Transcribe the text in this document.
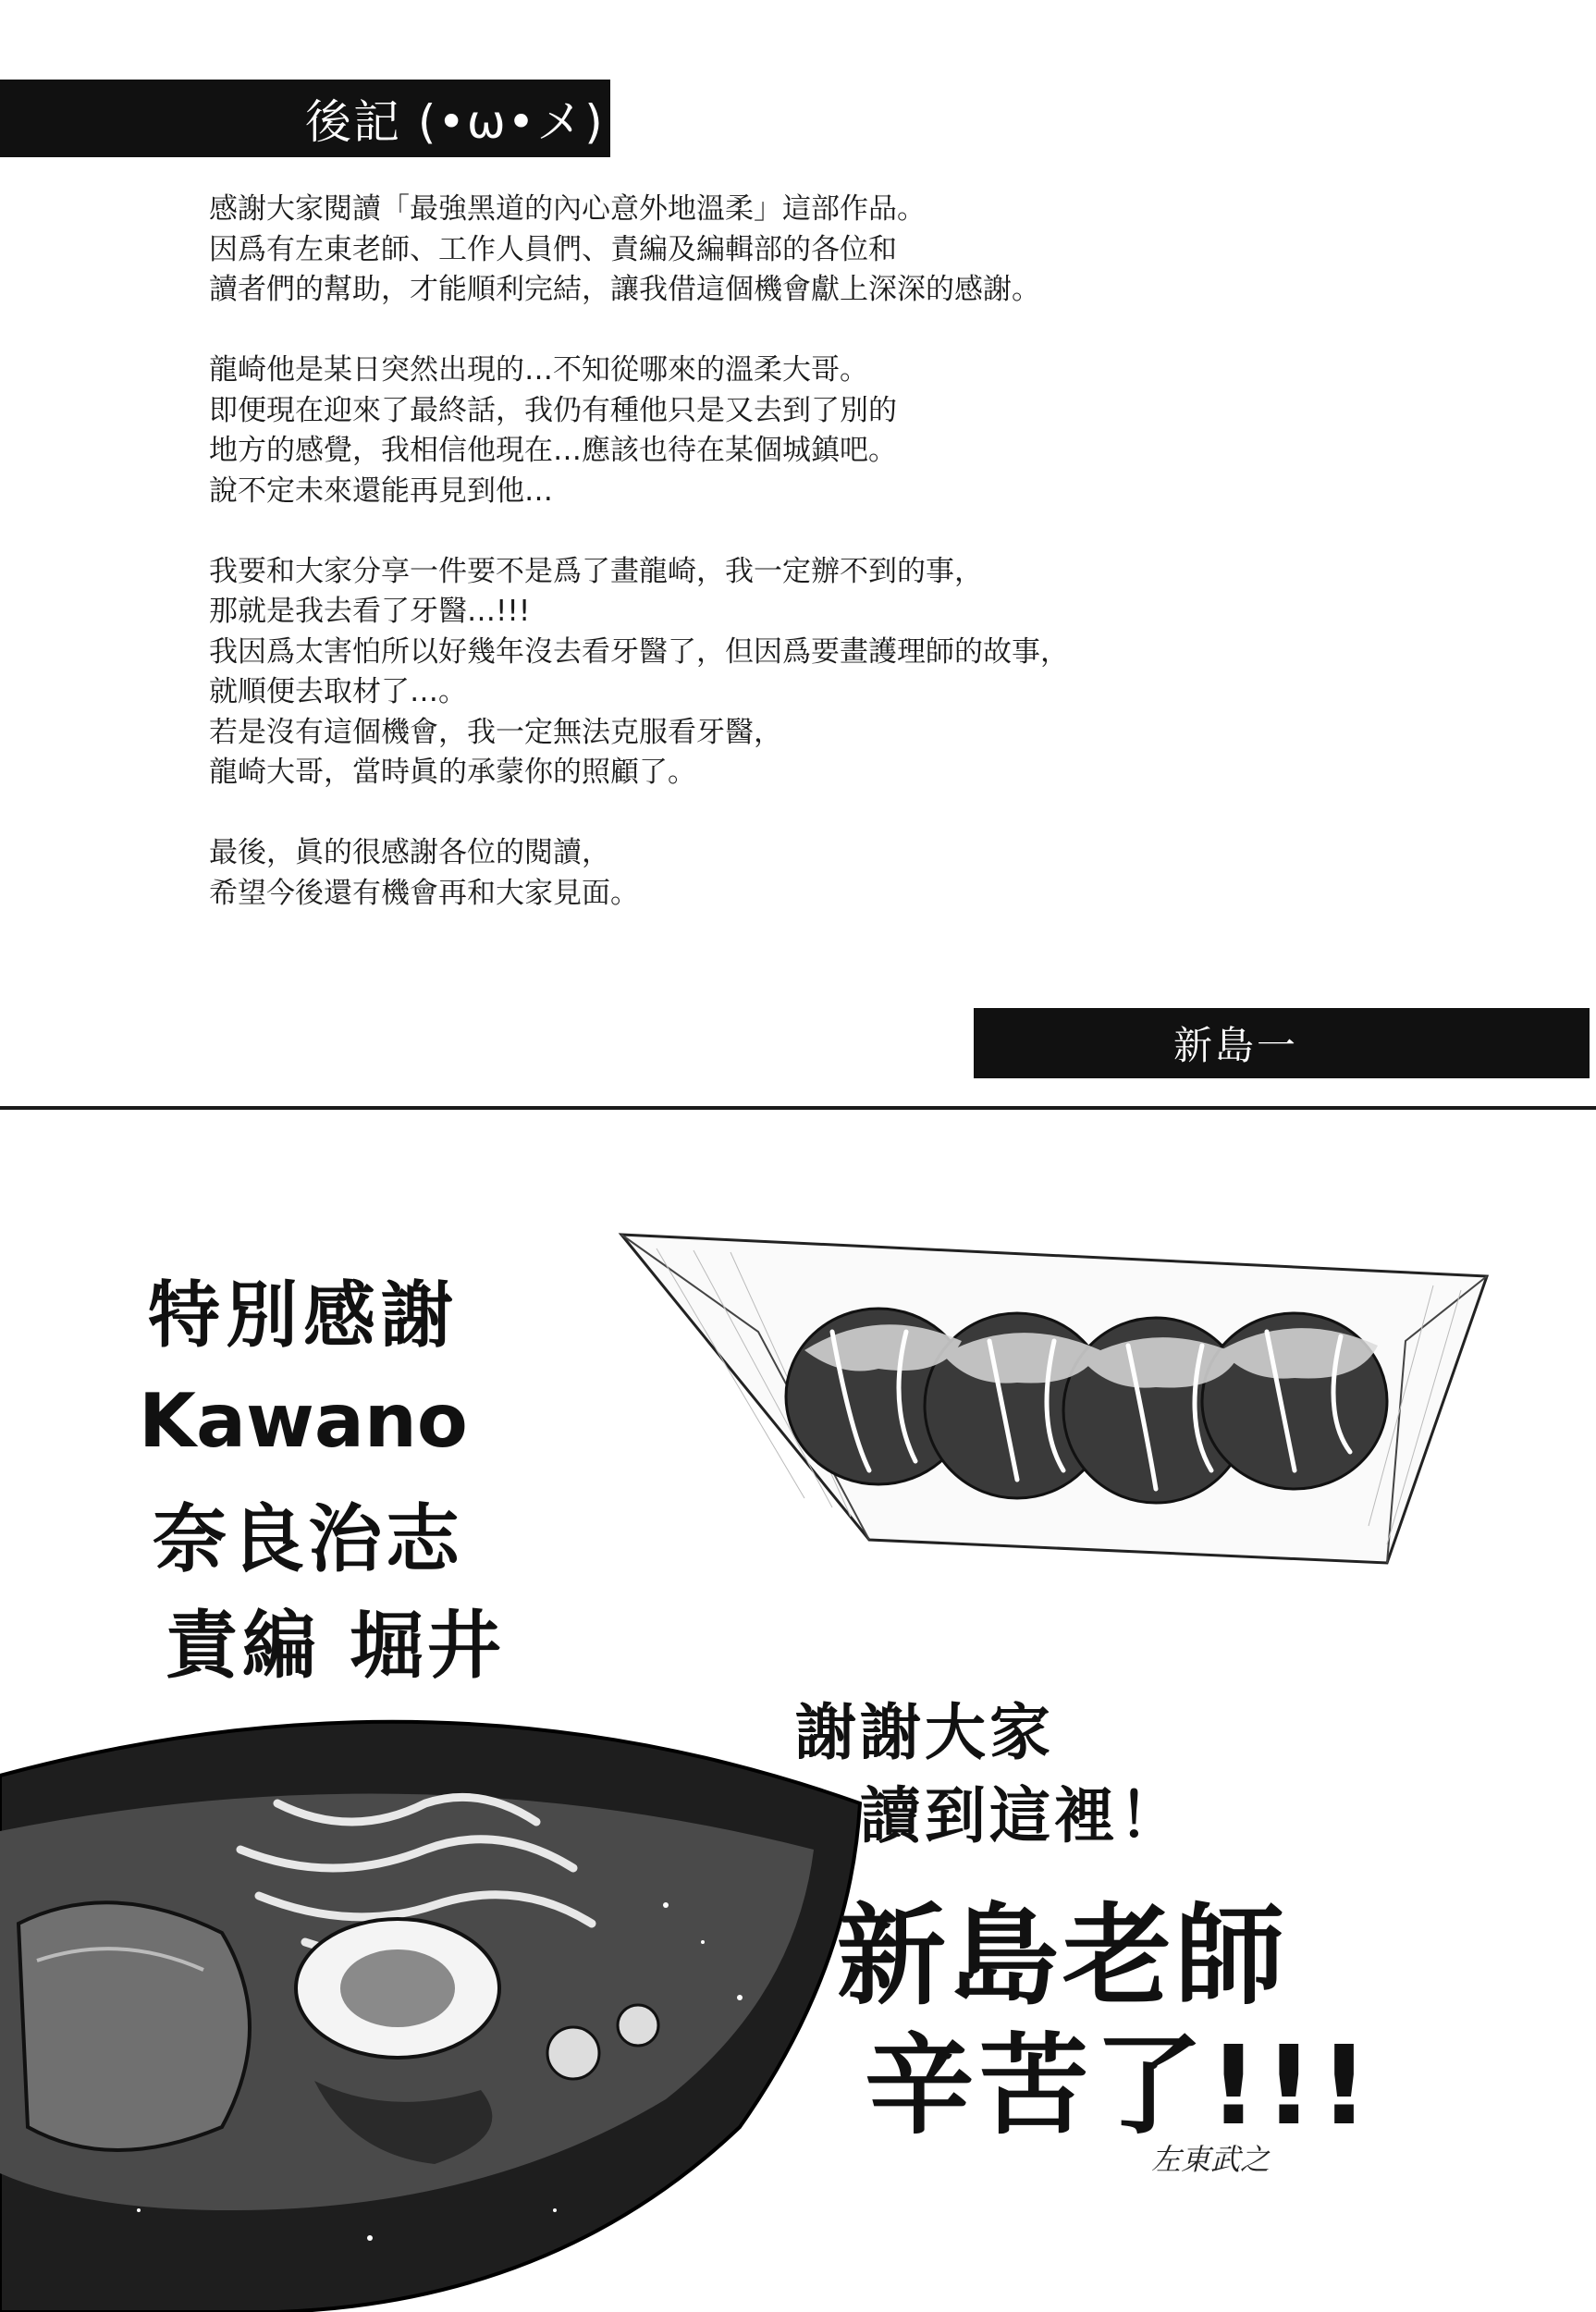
後記 (•ω•メ)

感謝大家閱讀「最強黑道的內心意外地溫柔」這部作品。
因爲有左東老師、工作人員們、責編及編輯部的各位和
讀者們的幫助，才能順利完結，讓我借這個機會獻上深深的感謝。

龍崎他是某日突然出現的…不知從哪來的溫柔大哥。
即便現在迎來了最終話，我仍有種他只是又去到了別的
地方的感覺，我相信他現在…應該也待在某個城鎮吧。
說不定未來還能再見到他…

我要和大家分享一件要不是爲了畫龍崎，我一定辦不到的事，
那就是我去看了牙醫…!!!
我因爲太害怕所以好幾年沒去看牙醫了，但因爲要畫護理師的故事，
就順便去取材了…。
若是沒有這個機會，我一定無法克服看牙醫，
龍崎大哥，當時眞的承蒙你的照顧了。

最後，眞的很感謝各位的閱讀，
希望今後還有機會再和大家見面。

新島一
特別感謝
Kawano
奈良治志
責編 堀井
謝謝大家
讀到這裡！
新島老師
辛苦了!!!
左東武之
